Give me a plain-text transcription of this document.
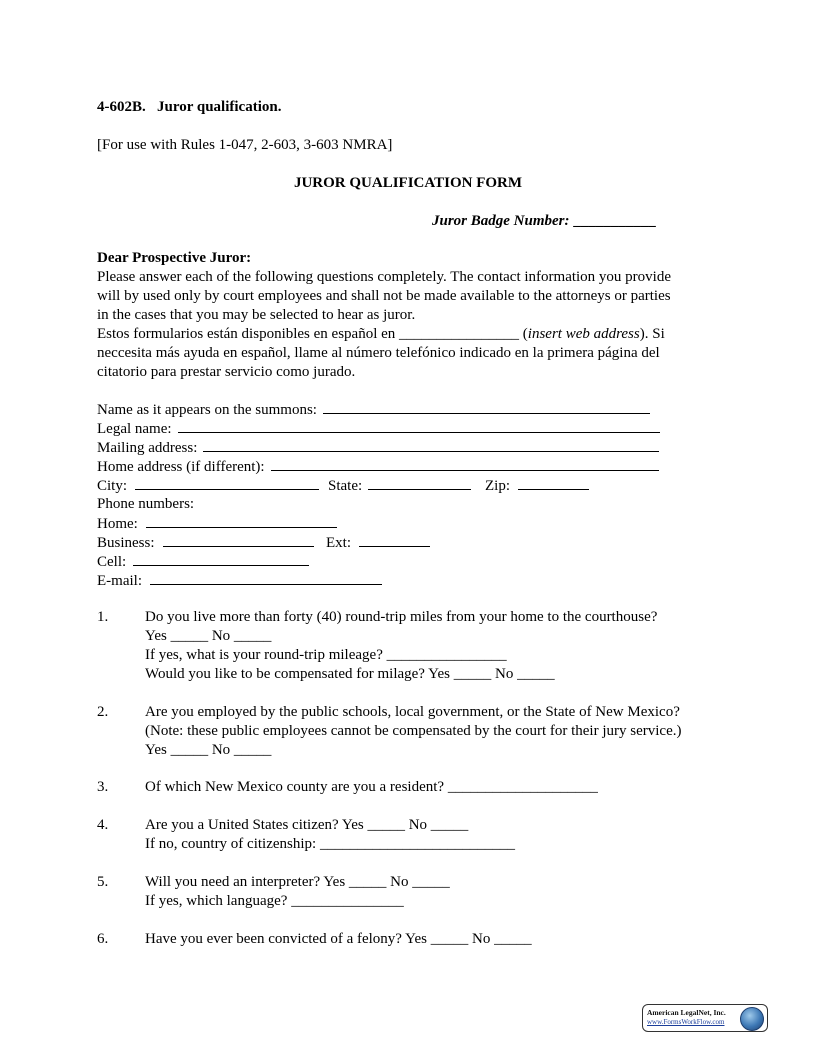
4-602B. Juror qualification.
[For use with Rules 1-047, 2-603, 3-603 NMRA]
JUROR QUALIFICATION FORM
Juror Badge Number: ___________
Dear Prospective Juror:
Please answer each of the following questions completely. The contact information you provide
will by used only by court employees and shall not be made available to the attorneys or parties
in the cases that you may be selected to hear as juror.
Estos formularios están disponibles en español en ________________ (insert web address). Si
neccesita más ayuda en español, llame al número telefónico indicado en la primera página del
citatorio para prestar servicio como jurado.
Name as it appears on the summons:
Legal name:
Mailing address:
Home address (if different):
City:	State:	Zip:
Phone numbers:
Home:
Business:	Ext:
Cell:
E-mail:
1.	Do you live more than forty (40) round-trip miles from your home to the courthouse?
Yes _____ No _____
If yes, what is your round-trip mileage? ________________
Would you like to be compensated for milage? Yes _____ No _____
2.	Are you employed by the public schools, local government, or the State of New Mexico?
(Note: these public employees cannot be compensated by the court for their jury service.)
Yes _____ No _____
3.	Of which New Mexico county are you a resident? ____________________
4.	Are you a United States citizen? Yes _____ No _____
If no, country of citizenship: __________________________
5.	Will you need an interpreter? Yes _____ No _____
If yes, which language? _______________
6.	Have you ever been convicted of a felony? Yes _____ No _____
American LegalNet, Inc.
www.FormsWorkFlow.com
